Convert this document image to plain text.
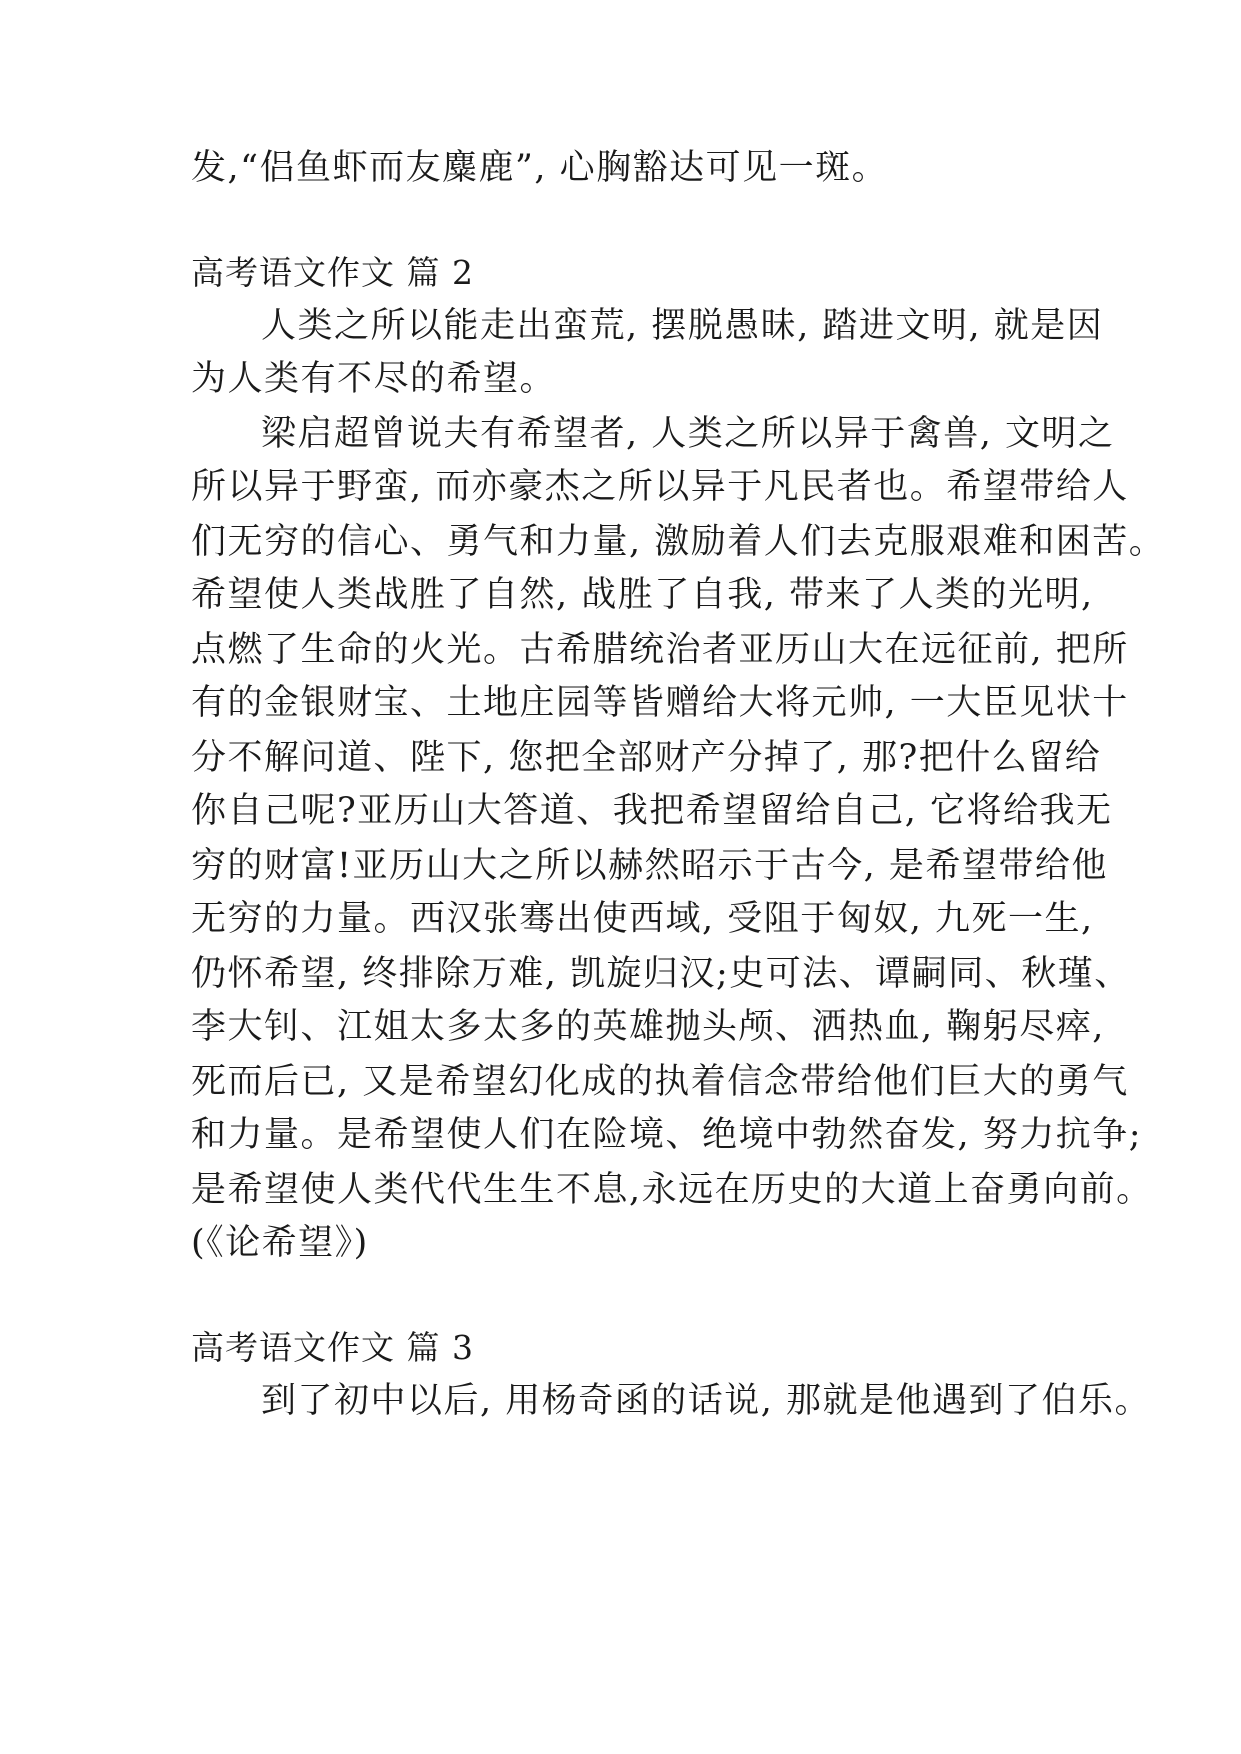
发,“侣鱼虾而友麋鹿”, 心胸豁达可见一斑。
高考语文作文 篇 2
人类之所以能走出蛮荒, 摆脱愚昧, 踏进文明, 就是因
为人类有不尽的希望。
梁启超曾说夫有希望者, 人类之所以异于禽兽, 文明之
所以异于野蛮, 而亦豪杰之所以异于凡民者也。希望带给人
们无穷的信心、勇气和力量, 激励着人们去克服艰难和困苦。
希望使人类战胜了自然, 战胜了自我, 带来了人类的光明,
点燃了生命的火光。古希腊统治者亚历山大在远征前, 把所
有的金银财宝、土地庄园等皆赠给大将元帅, 一大臣见状十
分不解问道、陛下, 您把全部财产分掉了, 那?把什么留给
你自己呢?亚历山大答道、我把希望留给自己, 它将给我无
穷的财富!亚历山大之所以赫然昭示于古今, 是希望带给他
无穷的力量。西汉张骞出使西域, 受阻于匈奴, 九死一生,
仍怀希望, 终排除万难, 凯旋归汉;史可法、谭嗣同、秋瑾、
李大钊、江姐太多太多的英雄抛头颅、洒热血, 鞠躬尽瘁,
死而后已, 又是希望幻化成的执着信念带给他们巨大的勇气
和力量。是希望使人们在险境、绝境中勃然奋发, 努力抗争;
是希望使人类代代生生不息,永远在历史的大道上奋勇向前。
(《论希望》)
高考语文作文 篇 3
到了初中以后, 用杨奇函的话说, 那就是他遇到了伯乐。
